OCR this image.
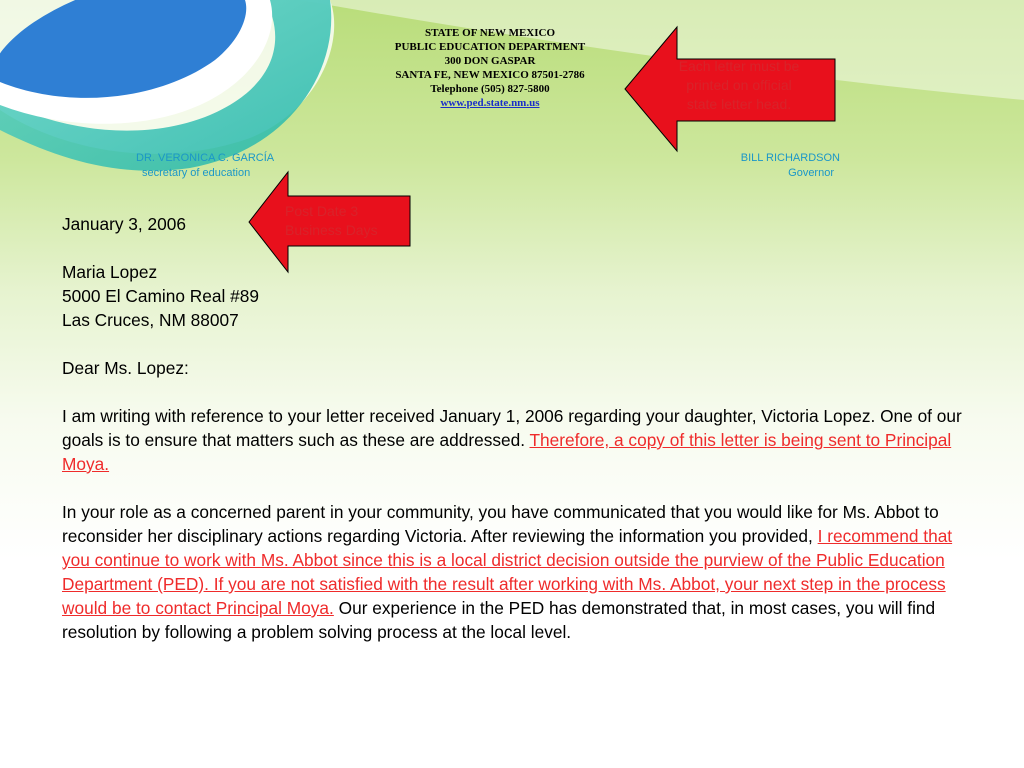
STATE OF NEW MEXICO
PUBLIC EDUCATION DEPARTMENT
300 DON GASPAR
SANTA FE, NEW MEXICO 87501-2786
Telephone (505) 827-5800
www.ped.state.nm.us
DR. VERONICA C. GARCÍA
secretary of education
BILL RICHARDSON
Governor
Each letter must be
printed on official
state letter head.
Post Date 3
Business Days

January 3, 2006

Maria Lopez

5000 El Camino Real #89

Las Cruces, NM 88007

Dear Ms. Lopez:

I am writing with reference to your letter received January 1, 2006 regarding your daughter, Victoria Lopez. One of our goals is to ensure that matters such as these are addressed. Therefore, a copy of this letter is being sent to Principal Moya.

In your role as a concerned parent in your community, you have communicated that you would like for Ms. Abbot to reconsider her disciplinary actions regarding Victoria. After reviewing the information you provided, I recommend that you continue to work with Ms. Abbot since this is a local district decision outside the purview of the Public Education Department (PED). If you are not satisfied with the result after working with Ms. Abbot, your next step in the process would be to contact Principal Moya. Our experience in the PED has demonstrated that, in most cases, you will find resolution by following a problem solving process at the local level.
